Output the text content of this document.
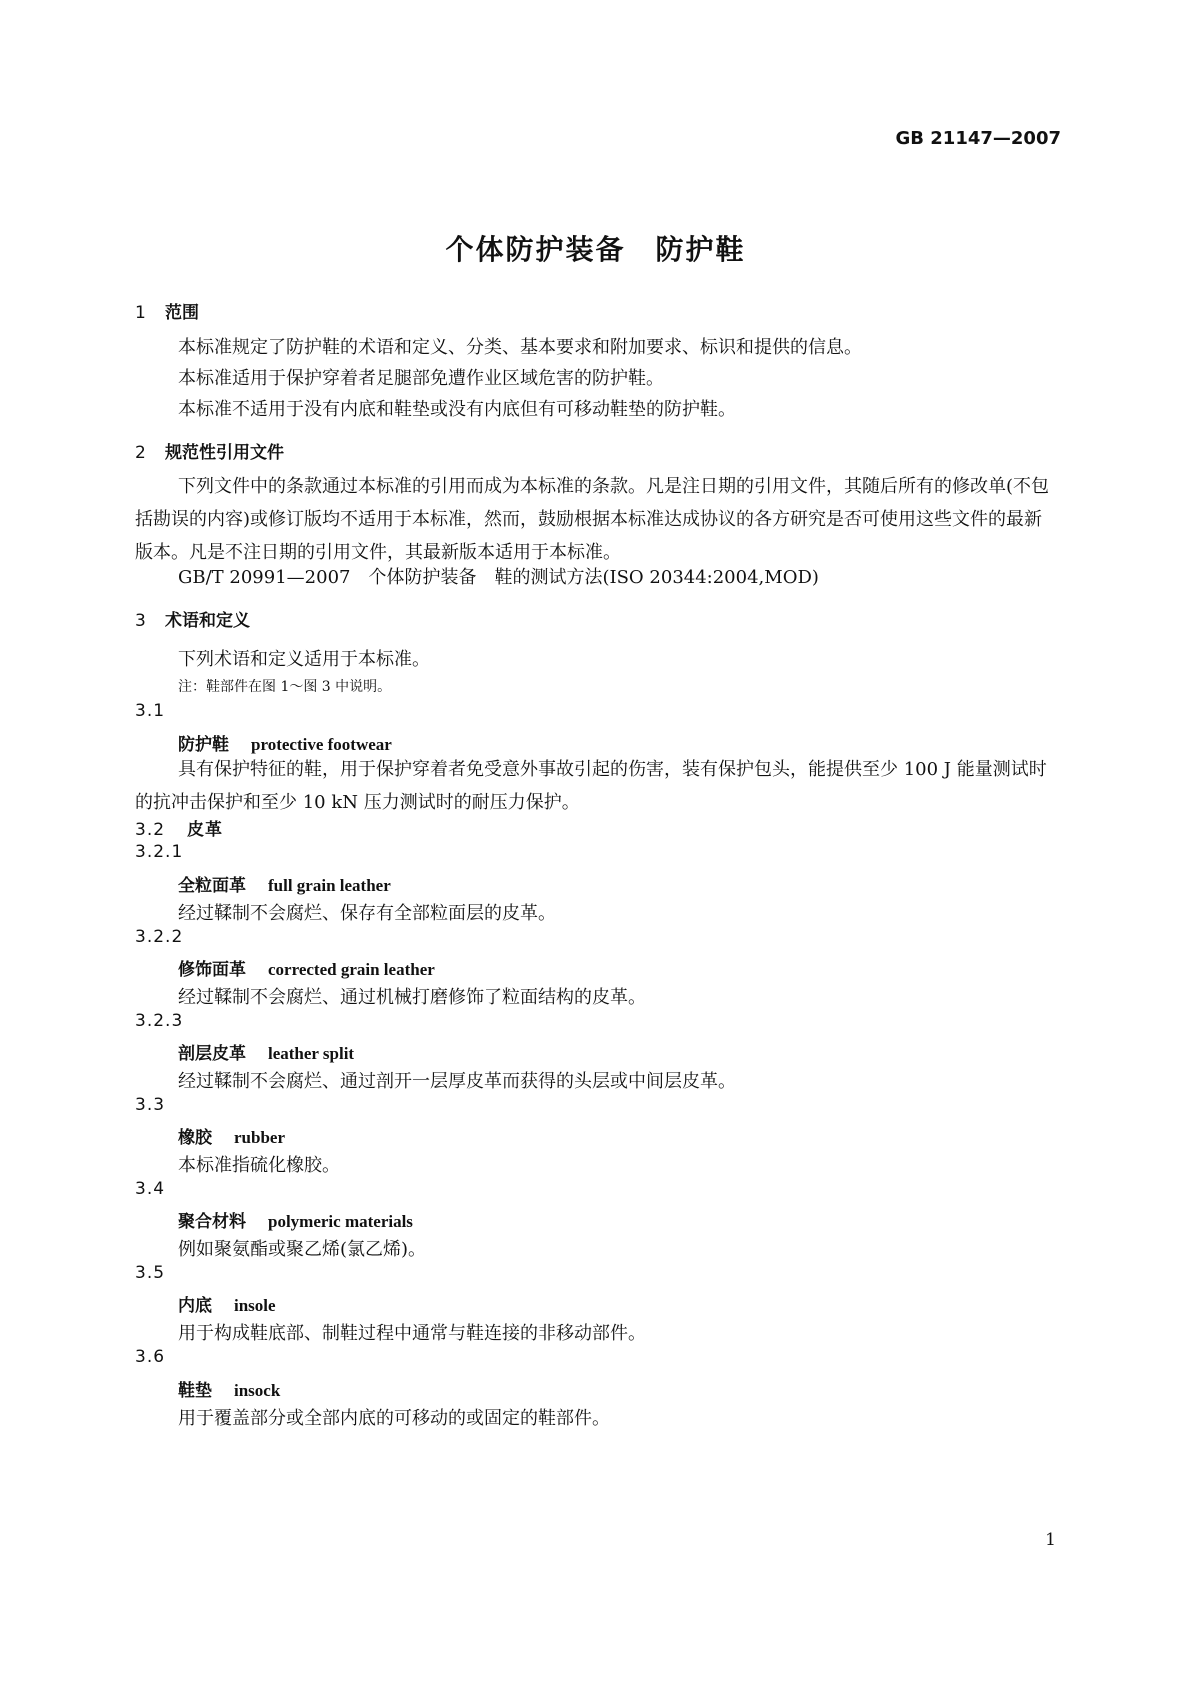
GB 21147—2007
个体防护装备　防护鞋
1 范围
本标准规定了防护鞋的术语和定义、分类、基本要求和附加要求、标识和提供的信息。
本标准适用于保护穿着者足腿部免遭作业区域危害的防护鞋。
本标准不适用于没有内底和鞋垫或没有内底但有可移动鞋垫的防护鞋。
2 规范性引用文件
下列文件中的条款通过本标准的引用而成为本标准的条款。凡是注日期的引用文件，其随后所有的修改单(不包括勘误的内容)或修订版均不适用于本标准，然而，鼓励根据本标准达成协议的各方研究是否可使用这些文件的最新版本。凡是不注日期的引用文件，其最新版本适用于本标准。
GB/T 20991—2007　个体防护装备　鞋的测试方法(ISO 20344:2004,MOD)
3 术语和定义
下列术语和定义适用于本标准。
注：鞋部件在图 1～图 3 中说明。
3.1
防护鞋 protective footwear
具有保护特征的鞋，用于保护穿着者免受意外事故引起的伤害，装有保护包头，能提供至少 100 J 能量测试时的抗冲击保护和至少 10 kN 压力测试时的耐压力保护。
3.2 皮革
3.2.1
全粒面革 full grain leather
经过鞣制不会腐烂、保存有全部粒面层的皮革。
3.2.2
修饰面革 corrected grain leather
经过鞣制不会腐烂、通过机械打磨修饰了粒面结构的皮革。
3.2.3
剖层皮革 leather split
经过鞣制不会腐烂、通过剖开一层厚皮革而获得的头层或中间层皮革。
3.3
橡胶 rubber
本标准指硫化橡胶。
3.4
聚合材料 polymeric materials
例如聚氨酯或聚乙烯(氯乙烯)。
3.5
内底 insole
用于构成鞋底部、制鞋过程中通常与鞋连接的非移动部件。
3.6
鞋垫 insock
用于覆盖部分或全部内底的可移动的或固定的鞋部件。
1
